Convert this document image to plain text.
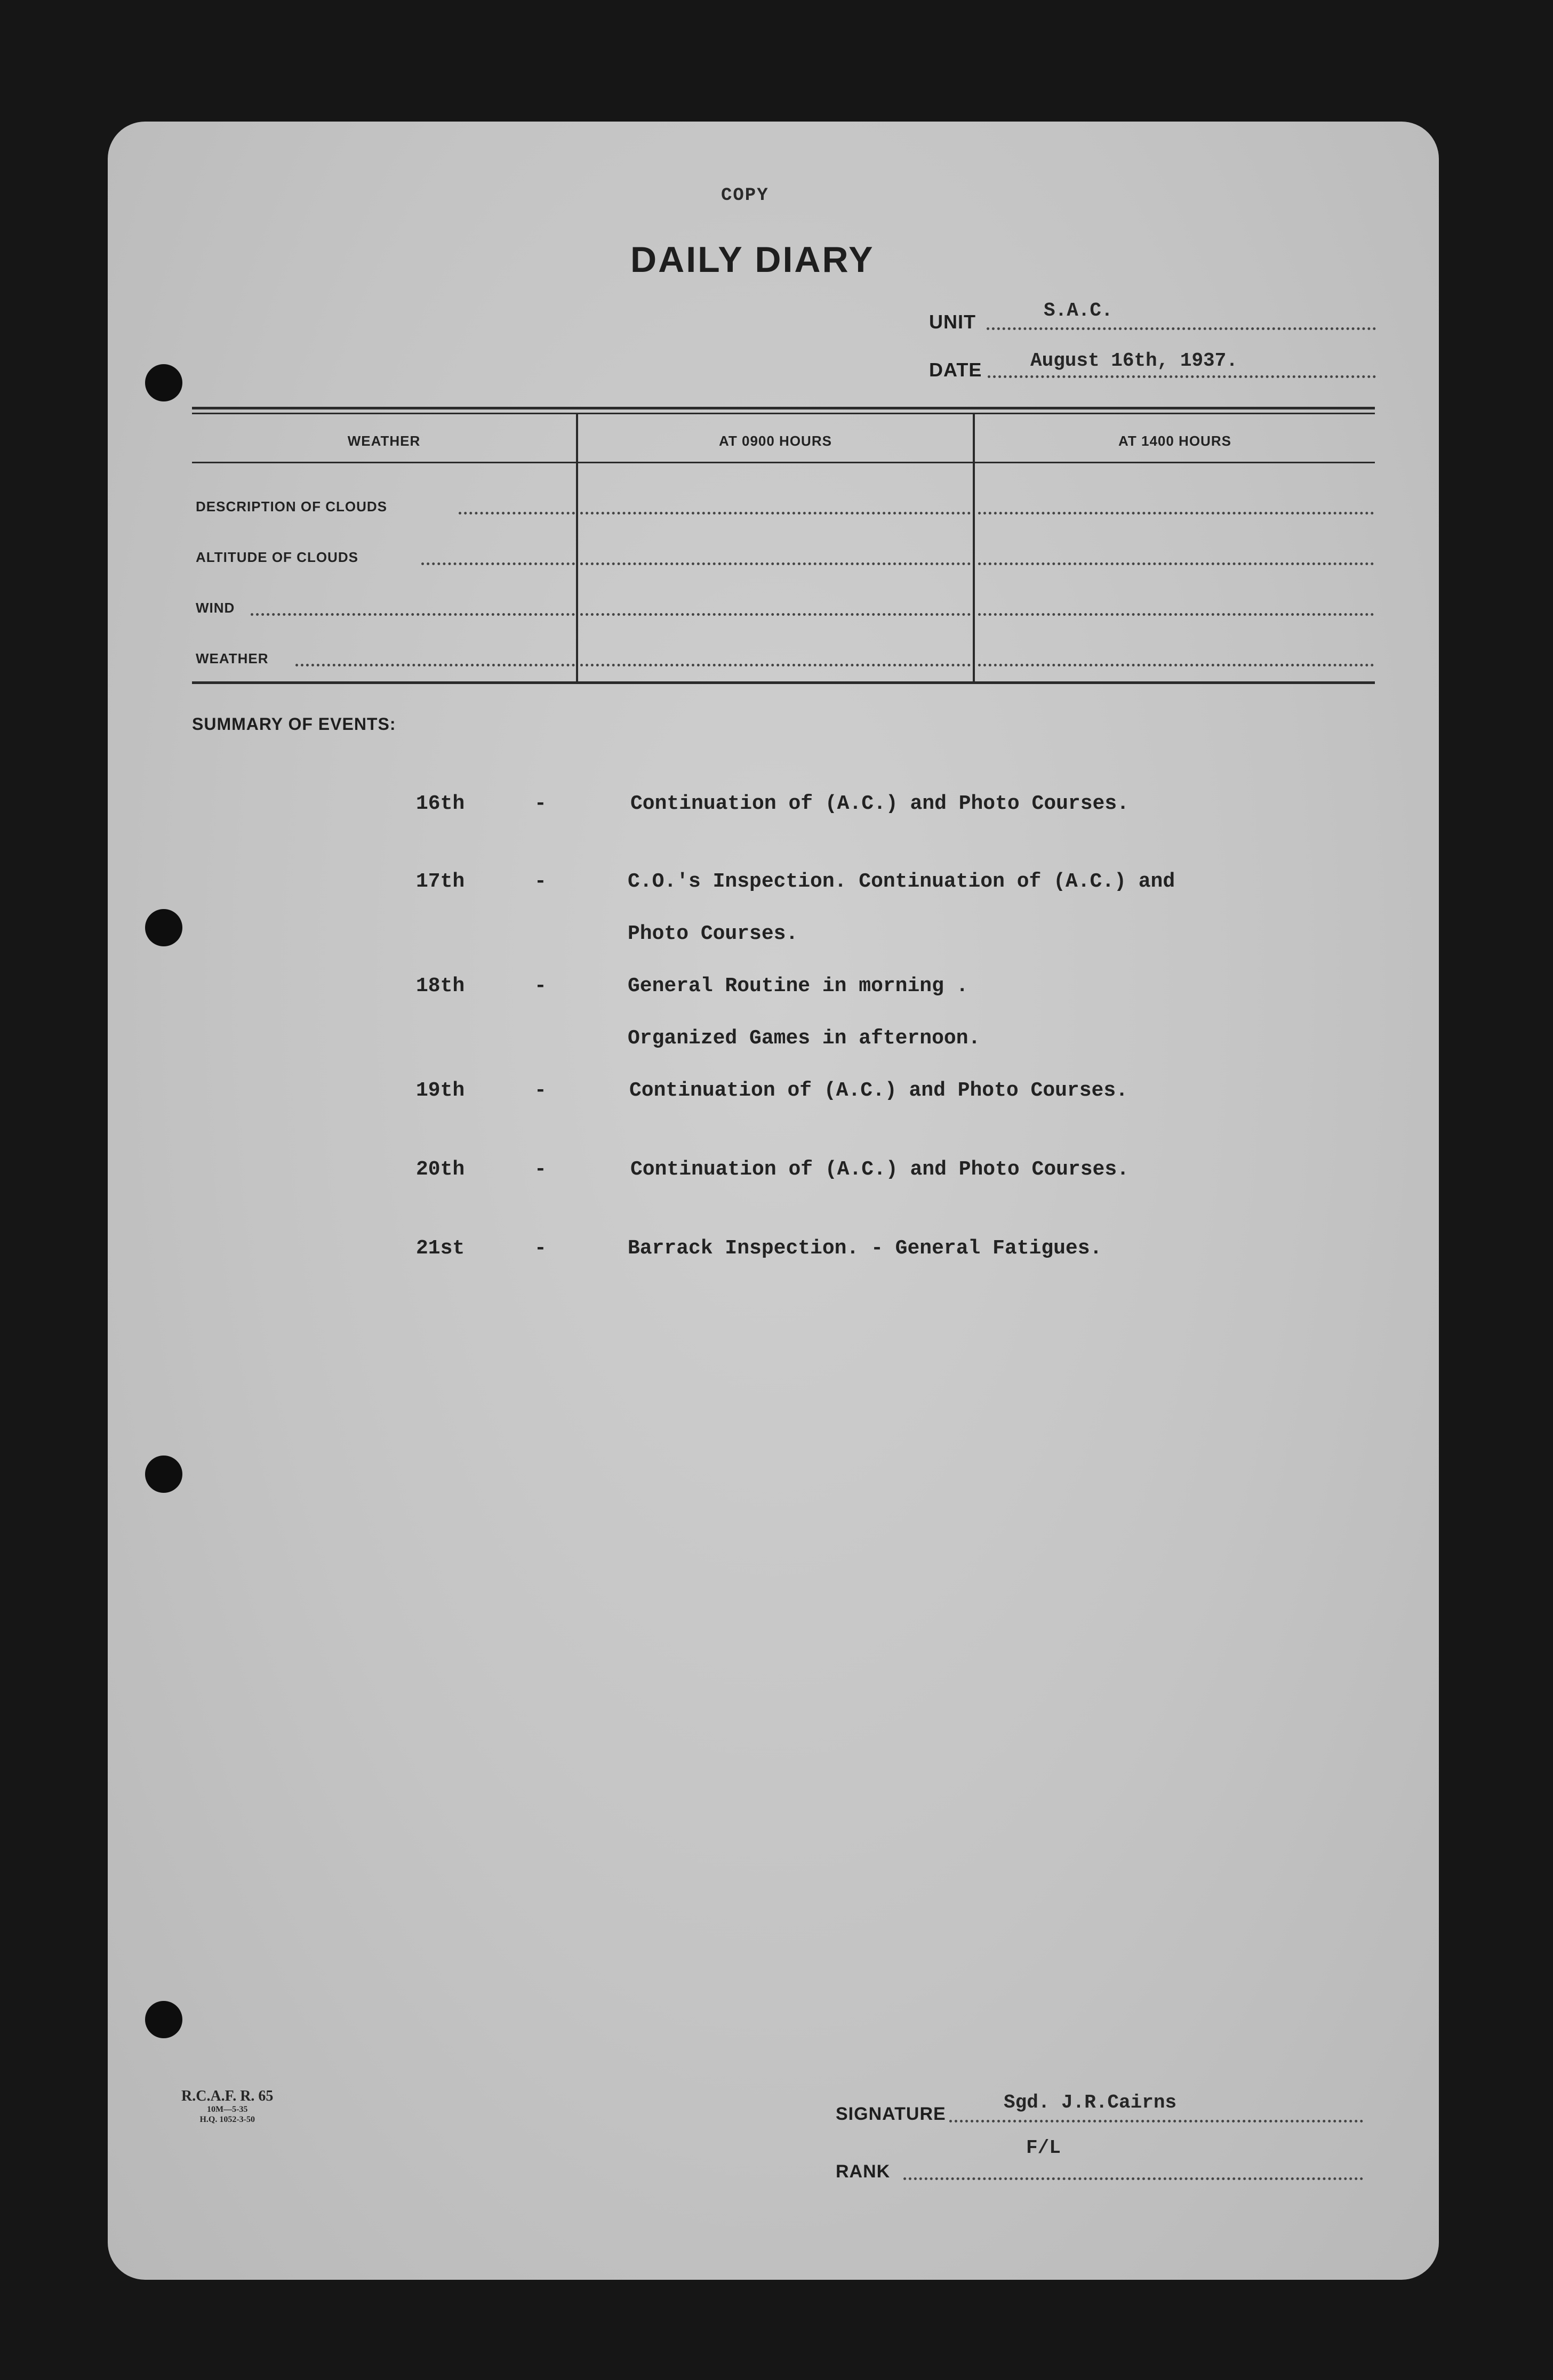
COPY
DAILY DIARY
UNIT
S.A.C.
DATE	August 16th, 1937.
WEATHER	AT 0900 HOURS	AT 1400 HOURS
DESCRIPTION OF CLOUDS
ALTITUDE OF CLOUDS
WIND
WEATHER
SUMMARY OF EVENTS:
16th	-	Continuation of (A.C.) and Photo Courses.
17th	-	C.O.'s Inspection. Continuation of (A.C.) and
Photo Courses.
18th	-	General Routine in morning .
Organized Games in afternoon.
19th	-	Continuation of (A.C.) and Photo Courses.
20th	-	Continuation of (A.C.) and Photo Courses.
21st	-	Barrack Inspection. - General Fatigues.
R.C.A.F. R. 65
10M—5-35
H.Q. 1052-3-50	SIGNATURE
Sgd. J.R.Cairns
RANK
F/L
